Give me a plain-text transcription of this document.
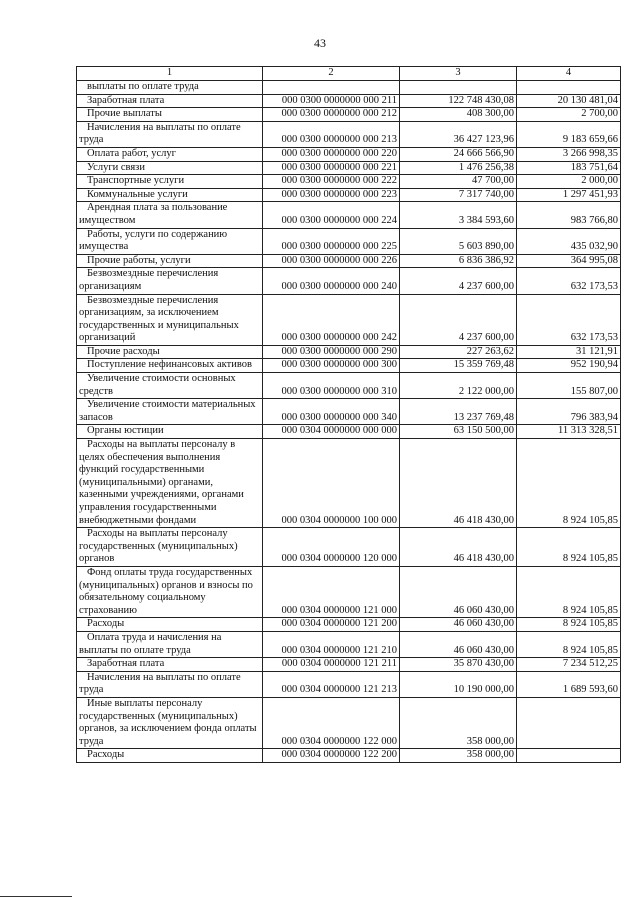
43
1	2	3	4
выплаты по оплате труда			
Заработная плата	000 0300 0000000 000 211	122 748 430,08	20 130 481,04
Прочие выплаты	000 0300 0000000 000 212	408 300,00	2 700,00
Начисления на выплаты по оплате труда	000 0300 0000000 000 213	36 427 123,96	9 183 659,66
Оплата работ, услуг	000 0300 0000000 000 220	24 666 566,90	3 266 998,35
Услуги связи	000 0300 0000000 000 221	1 476 256,38	183 751,64
Транспортные услуги	000 0300 0000000 000 222	47 700,00	2 000,00
Коммунальные услуги	000 0300 0000000 000 223	7 317 740,00	1 297 451,93
Арендная плата за пользование имуществом	000 0300 0000000 000 224	3 384 593,60	983 766,80
Работы, услуги по содержанию имущества	000 0300 0000000 000 225	5 603 890,00	435 032,90
Прочие работы, услуги	000 0300 0000000 000 226	6 836 386,92	364 995,08
Безвозмездные перечисления организациям	000 0300 0000000 000 240	4 237 600,00	632 173,53
Безвозмездные перечисления организациям, за исключением государственных и муниципальных организаций	000 0300 0000000 000 242	4 237 600,00	632 173,53
Прочие расходы	000 0300 0000000 000 290	227 263,62	31 121,91
Поступление нефинансовых активов	000 0300 0000000 000 300	15 359 769,48	952 190,94
Увеличение стоимости основных средств	000 0300 0000000 000 310	2 122 000,00	155 807,00
Увеличение стоимости материальных запасов	000 0300 0000000 000 340	13 237 769,48	796 383,94
Органы юстиции	000 0304 0000000 000 000	63 150 500,00	11 313 328,51
Расходы на выплаты персоналу в целях обеспечения выполнения функций государственными (муниципальными) органами, казенными учреждениями, органами управления государственными внебюджетными фондами	000 0304 0000000 100 000	46 418 430,00	8 924 105,85
Расходы на выплаты персоналу государственных (муниципальных) органов	000 0304 0000000 120 000	46 418 430,00	8 924 105,85
Фонд оплаты труда государственных (муниципальных) органов и взносы по обязательному социальному страхованию	000 0304 0000000 121 000	46 060 430,00	8 924 105,85
Расходы	000 0304 0000000 121 200	46 060 430,00	8 924 105,85
Оплата труда и начисления на выплаты по оплате труда	000 0304 0000000 121 210	46 060 430,00	8 924 105,85
Заработная плата	000 0304 0000000 121 211	35 870 430,00	7 234 512,25
Начисления на выплаты по оплате труда	000 0304 0000000 121 213	10 190 000,00	1 689 593,60
Иные выплаты персоналу государственных (муниципальных) органов, за исключением фонда оплаты труда	000 0304 0000000 122 000	358 000,00	
Расходы	000 0304 0000000 122 200	358 000,00	
